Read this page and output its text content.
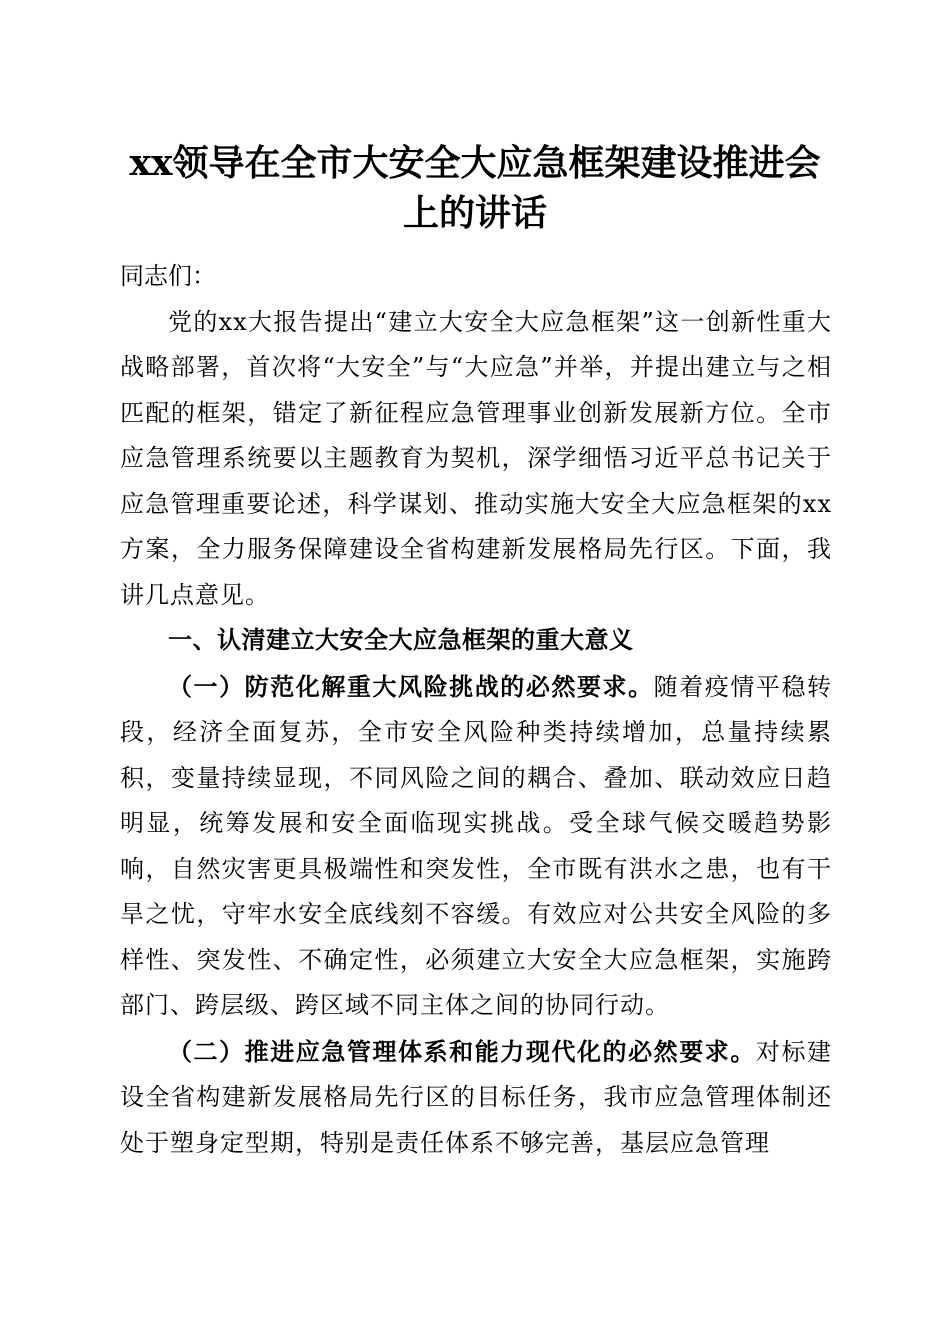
xx领导在全市大安全大应急框架建设推进会
上的讲话

同志们：

党的xx大报告提出“建立大安全大应急框架”这一创新性重大战略部署，首次将“大安全”与“大应急”并举，并提出建立与之相匹配的框架，错定了新征程应急管理事业创新发展新方位。全市应急管理系统要以主题教育为契机，深学细悟习近平总书记关于应急管理重要论述，科学谋划、推动实施大安全大应急框架的xx方案，全力服务保障建设全省构建新发展格局先行区。下面，我讲几点意见。

一、认清建立大安全大应急框架的重大意义

（一）防范化解重大风险挑战的必然要求。随着疫情平稳转段，经济全面复苏，全市安全风险种类持续增加，总量持续累积，变量持续显现，不同风险之间的耦合、叠加、联动效应日趋明显，统筹发展和安全面临现实挑战。受全球气候交暖趋势影响，自然灾害更具极端性和突发性，全市既有洪水之患，也有干旱之忧，守牢水安全底线刻不容缓。有效应对公共安全风险的多样性、突发性、不确定性，必须建立大安全大应急框架，实施跨部门、跨层级、跨区域不同主体之间的协同行动。

（二）推进应急管理体系和能力现代化的必然要求。对标建设全省构建新发展格局先行区的目标任务，我市应急管理体制还处于塑身定型期，特别是责任体系不够完善，基层应急管理
